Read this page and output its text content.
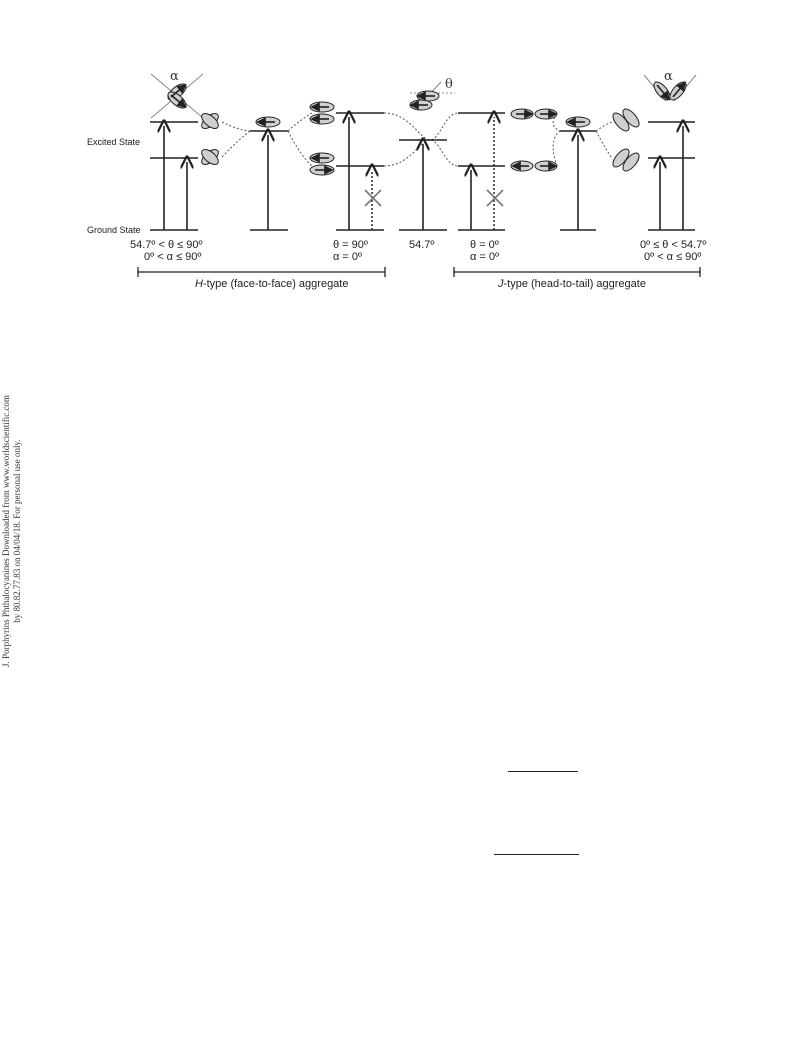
Excited State
Ground State
α
θ
α
54.7º < θ ≤ 90º
0º < α ≤ 90º
θ = 90º
α = 0º
54.7º	θ = 0º
α = 0º
0º ≤ θ < 54.7º
0º < α ≤ 90º
H-type (face-to-face) aggregate	J-type (head-to-tail) aggregate
J. Porphyrins Phthalocyanines Downloaded from www.worldscientific.com by 80.82.77.83 on 04/04/18. For personal use only.
